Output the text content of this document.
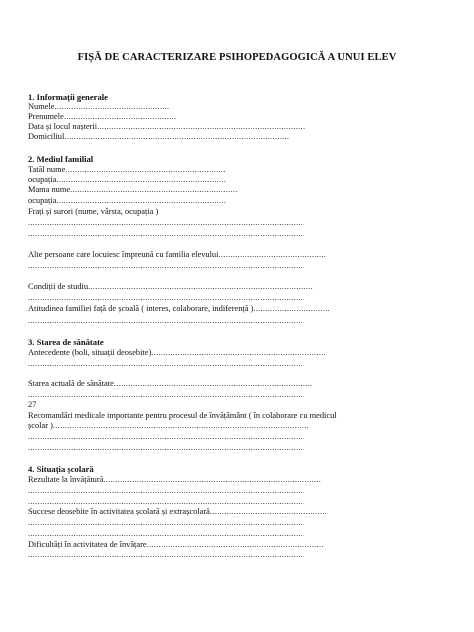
FIȘĂ DE CARACTERIZARE PSIHOPEDAGOGICĂ A UNUI ELEV
1. Informații generale
Numele................................................
Prenumele...............................................
Data și locul nașterii.......................................................................................
Domiciliul..............................................................................................
2. Mediul familial
Tatăl nume...................................................................
ocupația.......................................................................
Mama nume......................................................................
ocupația.......................................................................
Frați și surori (nume, vârsta, ocupația )
...................................................................................................................
...................................................................................................................
Alte persoane care locuiesc împreună cu familia elevului.............................................
...................................................................................................................
Condiții de studiu..............................................................................................
...................................................................................................................
Atitudinea familiei față de școală ( interes, colaborare, indiferență )................................
...................................................................................................................
3. Starea de sănătate
Antecedente (boli, situații deosebite).........................................................................
...................................................................................................................
Starea actuală de sănătate...................................................................................
...................................................................................................................
27
Recomandări medicale importante pentru procesul de învățământ ( în colaborare cu medicul
școlar )...........................................................................................................
...................................................................................................................
...................................................................................................................
4. Situația școlară
Rezultate la învățătură...........................................................................................
...................................................................................................................
...................................................................................................................
Succese deosebite în activitatea școlară și extrașcolară.................................................
...................................................................................................................
...................................................................................................................
Dificultăți în activitatea de învățare..........................................................................
...................................................................................................................
